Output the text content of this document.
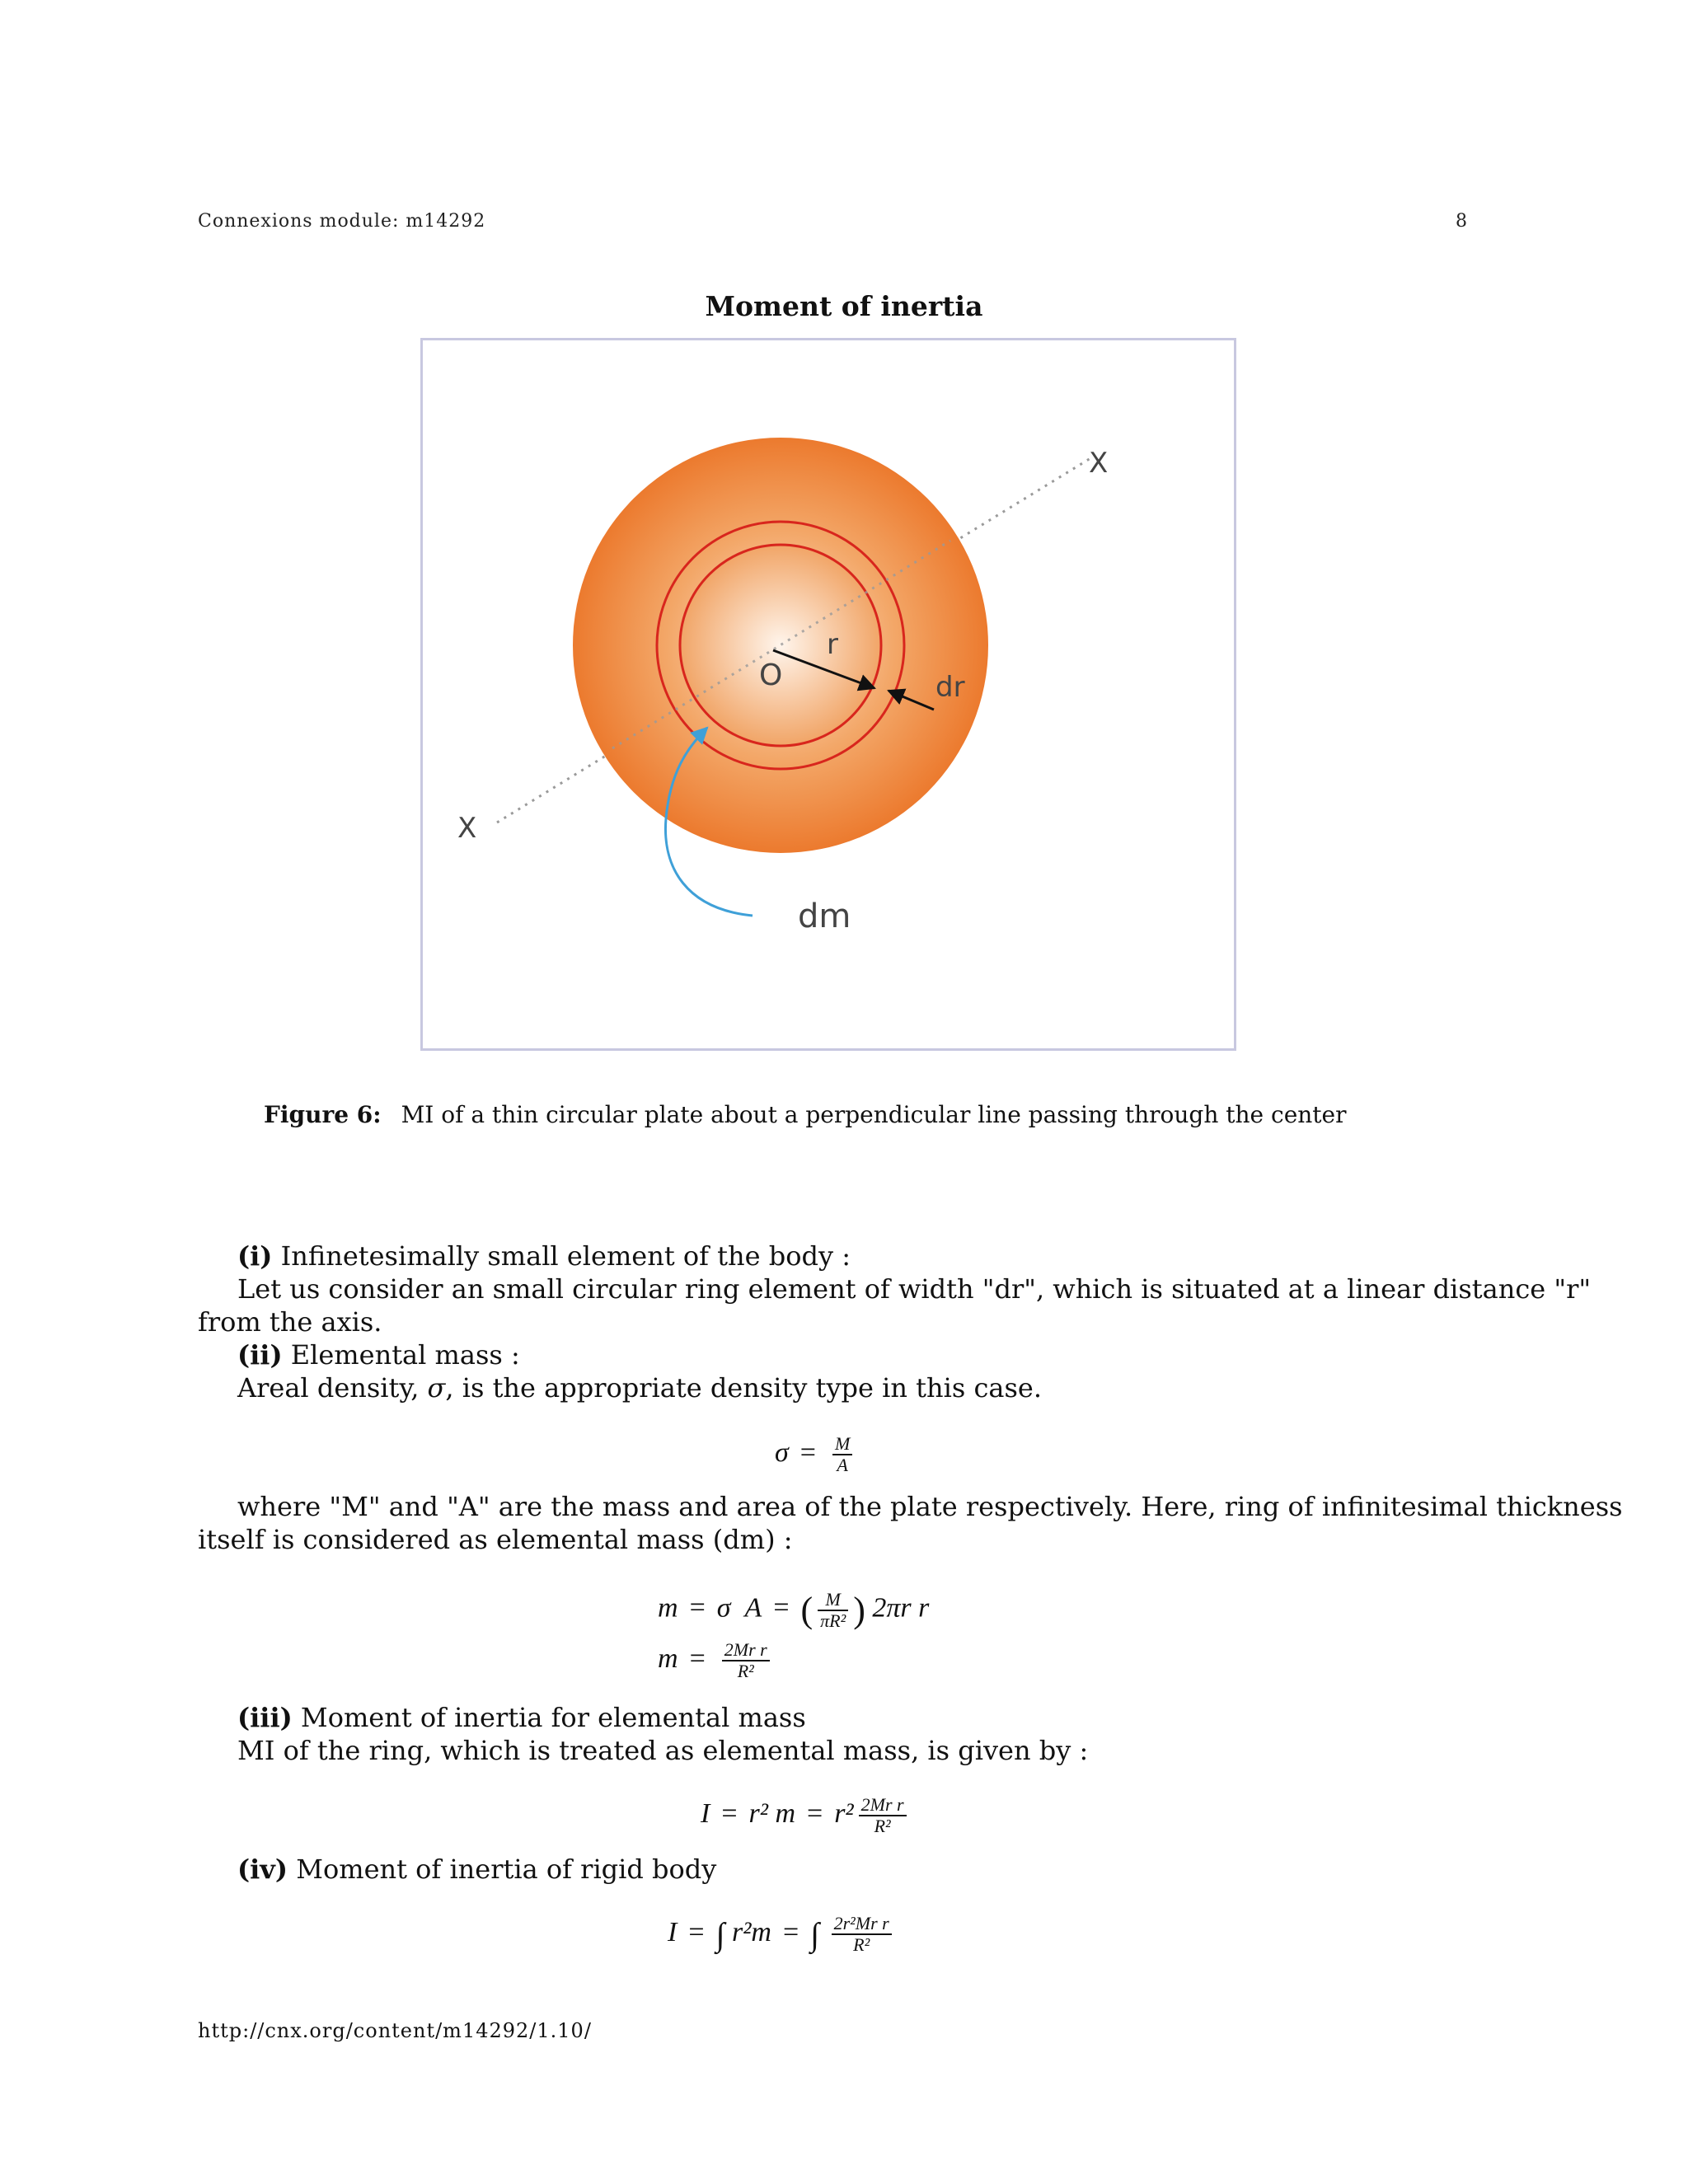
Connexions module: m14292	8
Moment of inertia
X
X
O
r
dr
dm
Figure 6: MI of a thin circular plate about a perpendicular line passing through the center
(i) Infinetesimally small element of the body :
Let us consider an small circular ring element of width "dr", which is situated at a linear distance "r"
from the axis.
(ii) Elemental mass :
Areal density, σ, is the appropriate density type in this case.
$\sigma = \frac{M}{A}$
where "M" and "A" are the mass and area of the plate respectively. Here, ring of infinitesimal thickness
itself is considered as elemental mass (dm) :
m = σ A = ( $\frac{M}{\text{πR²}}$ ) 2πr r
$m = \frac{\text{2Mr r}}{\text{R²}}$
(iii) Moment of inertia for elemental mass
MI of the ring, which is treated as elemental mass, is given by :
I = r² $m = r^2 \frac{\text{2Mr r}}{\text{R²}}$
(iv) Moment of inertia of rigid body
I = ∫ r²m = ∫ $\frac{\text{2r²Mr r}}{\text{R²}}$
http://cnx.org/content/m14292/1.10/
